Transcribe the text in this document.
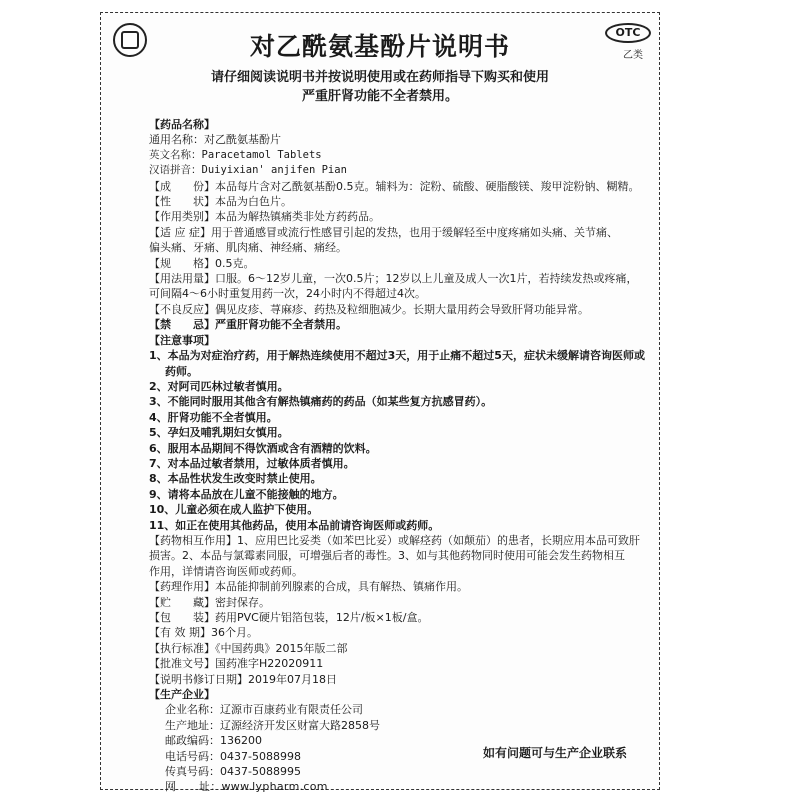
OTC
乙类
对乙酰氨基酚片说明书
请仔细阅读说明书并按说明使用或在药师指导下购买和使用
严重肝肾功能不全者禁用。
【药品名称】
通用名称：对乙酰氨基酚片
英文名称：Paracetamol Tablets
汉语拼音：Duiyixian' anjifen Pian
【成　　份】本品每片含对乙酰氨基酚0.5克。辅料为：淀粉、硫酸、硬脂酸镁、羧甲淀粉钠、糊精。
【性　　状】本品为白色片。
【作用类别】本品为解热镇痛类非处方药药品。
【适 应 症】用于普通感冒或流行性感冒引起的发热，也用于缓解轻至中度疼痛如头痛、关节痛、
偏头痛、牙痛、肌肉痛、神经痛、痛经。
【规　　格】0.5克。
【用法用量】口服。6～12岁儿童，一次0.5片；12岁以上儿童及成人一次1片，若持续发热或疼痛，
可间隔4～6小时重复用药一次，24小时内不得超过4次。
【不良反应】偶见皮疹、荨麻疹、药热及粒细胞减少。长期大量用药会导致肝肾功能异常。
【禁　　忌】严重肝肾功能不全者禁用。
【注意事项】
1、本品为对症治疗药，用于解热连续使用不超过3天，用于止痛不超过5天，症状未缓解请咨询医师或
药师。
2、对阿司匹林过敏者慎用。
3、不能同时服用其他含有解热镇痛药的药品（如某些复方抗感冒药）。
4、肝肾功能不全者慎用。
5、孕妇及哺乳期妇女慎用。
6、服用本品期间不得饮酒或含有酒精的饮料。
7、对本品过敏者禁用，过敏体质者慎用。
8、本品性状发生改变时禁止使用。
9、请将本品放在儿童不能接触的地方。
10、儿童必须在成人监护下使用。
11、如正在使用其他药品，使用本品前请咨询医师或药师。
【药物相互作用】1、应用巴比妥类（如苯巴比妥）或解痉药（如颠茄）的患者，长期应用本品可致肝
损害。2、本品与氯霉素同服，可增强后者的毒性。3、如与其他药物同时使用可能会发生药物相互
作用，详情请咨询医师或药师。
【药理作用】本品能抑制前列腺素的合成，具有解热、镇痛作用。
【贮　　藏】密封保存。
【包　　装】药用PVC硬片铝箔包装，12片/板×1板/盒。
【有 效 期】36个月。
【执行标准】《中国药典》2015年版二部
【批准文号】国药准字H22020911
【说明书修订日期】2019年07月18日
【生产企业】
企业名称：辽源市百康药业有限责任公司
生产地址：辽源经济开发区财富大路2858号
邮政编码：136200
电话号码：0437-5088998
传真号码：0437-5088995
网　　址：www.lypharm.com
如有问题可与生产企业联系
